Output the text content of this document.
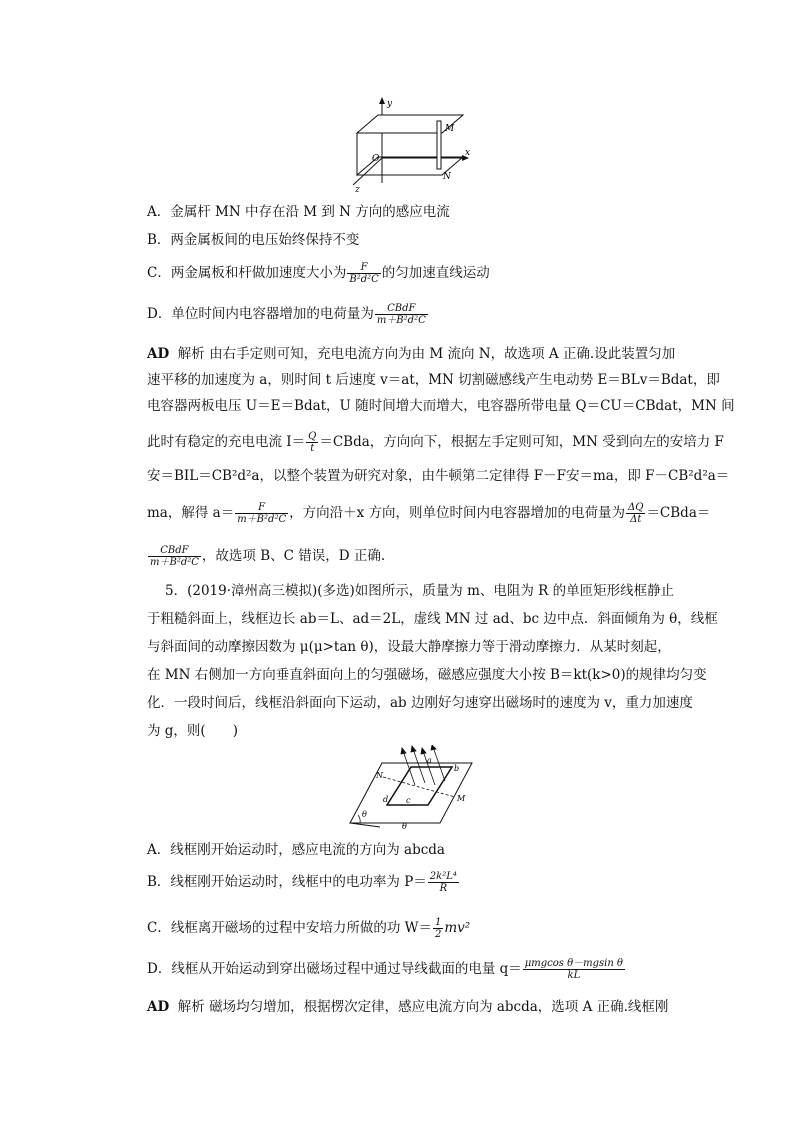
y
x
z
O
M
N
A．金属杆 MN 中存在沿 M 到 N 方向的感应电流
B．两金属板间的电压始终保持不变
C．两金属板和杆做加速度大小为 $\frac{F}{\text{B²d²C}}$ 的匀加速直线运动
D．单位时间内电容器增加的电荷量为 $\frac{\text{CBdF}}{\text{m＋B²d²C}}$
AD 解析 由右手定则可知，充电电流方向为由 M 流向 N，故选项 A 正确.设此装置匀加
速平移的加速度为 a，则时间 t 后速度 v＝at，MN 切割磁感线产生电动势 E＝BLv＝Bdat，即
电容器两板电压 U＝E＝Bdat，U 随时间增大而增大，电容器所带电量 Q＝CU＝CBdat，MN 间
此时有稳定的充电电流 $I= \frac{Q}{t}$ ＝CBda，方向向下，根据左手定则可知，MN 受到向左的安培力 F
安＝BIL＝CB²d²a，以整个装置为研究对象，由牛顿第二定律得 F－F安＝ma，即 F－CB²d²a＝
ma，解得 $a= \frac{F}{\text{m＋B²d²C}}$ ，方向沿＋x 方向，则单位时间内电容器增加的电荷量为 $\frac{\Delta Q}{\Delta t}$ ＝CBda＝
$\frac{\text{CBdF}}{\text{m＋B²d²C}}$ ，故选项 B、C 错误，D 正确.
5．(2019·漳州高三模拟)(多选)如图所示，质量为 m、电阻为 R 的单匝矩形线框静止
于粗糙斜面上，线框边长 ab＝L、ad＝2L，虚线 MN 过 ad、bc 边中点．斜面倾角为 θ，线框
与斜面间的动摩擦因数为 μ(μ>tan θ)，设最大静摩擦力等于滑动摩擦力．从某时刻起，
在 MN 右侧加一方向垂直斜面向上的匀强磁场，磁感应强度大小按 B＝kt(k>0)的规律均匀变
化．一段时间后，线框沿斜面向下运动，ab 边刚好匀速穿出磁场时的速度为 v，重力加速度
为 g，则(　　)
θ
θ
N
M
a
b
c
d
A．线框刚开始运动时，感应电流的方向为 abcda
B．线框刚开始运动时，线框中的电功率为 $P= \frac{\text{2k²L⁴}}{R}$
C．线框离开磁场的过程中安培力所做的功 $W= \frac{1}{2} mv^2$
D．线框从开始运动到穿出磁场过程中通过导线截面的电量 $q= \frac{\text{μmgcos θ－mgsin θ}}{kL}$
AD 解析 磁场均匀增加，根据楞次定律，感应电流方向为 abcda，选项 A 正确.线框刚
